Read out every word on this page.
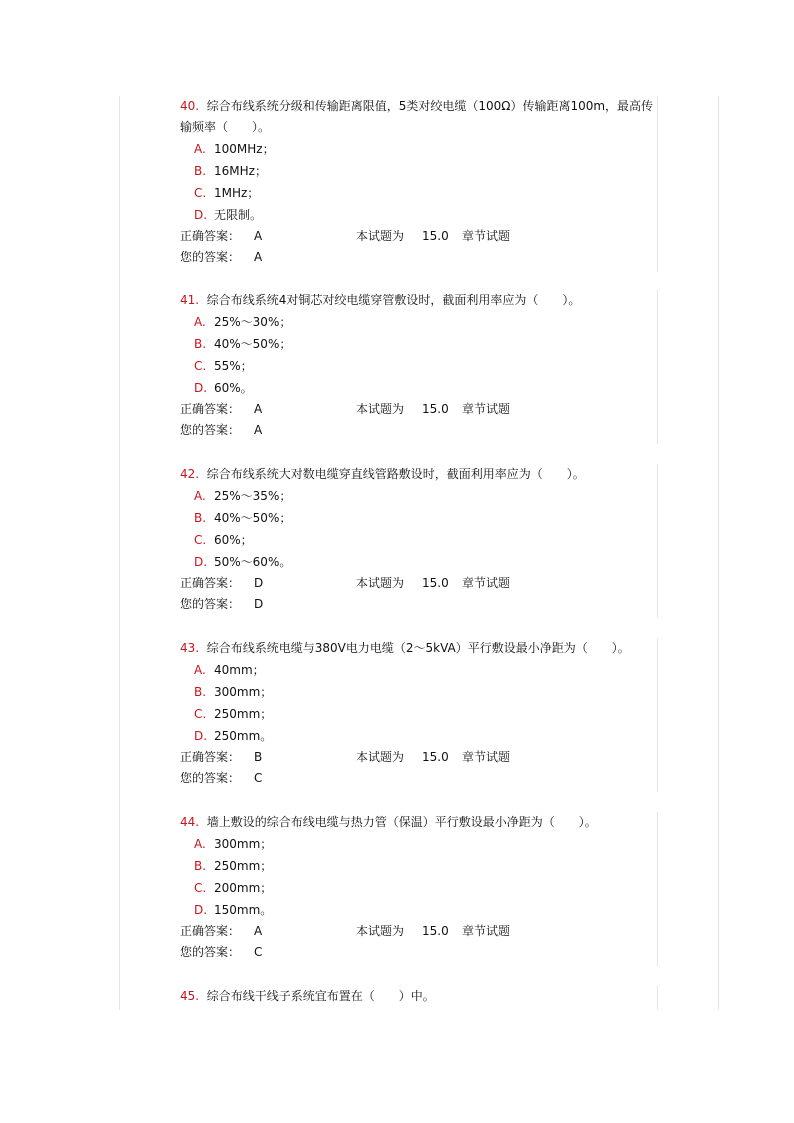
40. 综合布线系统分级和传输距离限值，5类对绞电缆（100Ω）传输距离100m，最高传输频率（　　）。
A. 100MHz；
B. 16MHz；
C. 1MHz；
D. 无限制。
正确答案： A	本试题为 15.0 章节试题
您的答案： A
41. 综合布线系统4对铜芯对绞电缆穿管敷设时，截面利用率应为（　　）。
A. 25%～30%；
B. 40%～50%；
C. 55%；
D. 60%。
正确答案： A	本试题为 15.0 章节试题
您的答案： A
42. 综合布线系统大对数电缆穿直线管路敷设时，截面利用率应为（　　）。
A. 25%～35%；
B. 40%～50%；
C. 60%；
D. 50%～60%。
正确答案： D	本试题为 15.0 章节试题
您的答案： D
43. 综合布线系统电缆与380V电力电缆（2～5kVA）平行敷设最小净距为（　　）。
A. 40mm；
B. 300mm；
C. 250mm；
D. 250mm。
正确答案： B	本试题为 15.0 章节试题
您的答案： C
44. 墙上敷设的综合布线电缆与热力管（保温）平行敷设最小净距为（　　）。
A. 300mm；
B. 250mm；
C. 200mm；
D. 150mm。
正确答案： A	本试题为 15.0 章节试题
您的答案： C
45. 综合布线干线子系统宜布置在（　　）中。
